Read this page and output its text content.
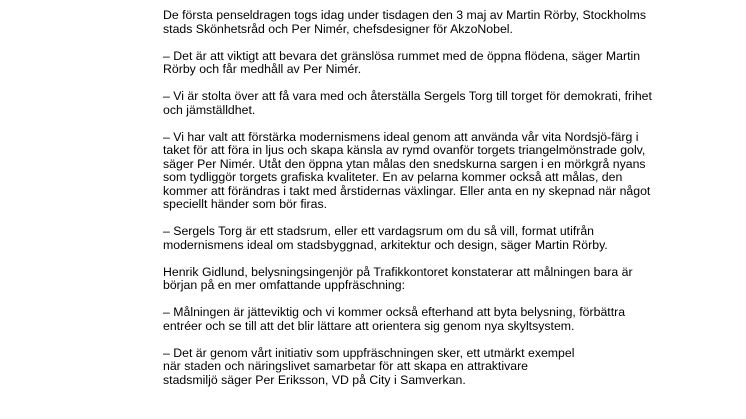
De första penseldragen togs idag under tisdagen den 3 maj av Martin Rörby, Stockholms
stads Skönhetsråd och Per Nimér, chefsdesigner för AkzoNobel.

– Det är att viktigt att bevara det gränslösa rummet med de öppna flödena, säger Martin
Rörby och får medhåll av Per Nimér.

– Vi är stolta över att få vara med och återställa Sergels Torg till torget för demokrati, frihet
och jämställdhet.

– Vi har valt att förstärka modernismens ideal genom att använda vår vita Nordsjö-färg i
taket för att föra in ljus och skapa känsla av rymd ovanför torgets triangelmönstrade golv,
säger Per Nimér. Utåt den öppna ytan målas den snedskurna sargen i en mörkgrå nyans
som tydliggör torgets grafiska kvaliteter. En av pelarna kommer också att målas, den
kommer att förändras i takt med årstidernas växlingar. Eller anta en ny skepnad när något
speciellt händer som bör firas.

– Sergels Torg är ett stadsrum, eller ett vardagsrum om du så vill, format utifrån
modernismens ideal om stadsbyggnad, arkitektur och design, säger Martin Rörby.

Henrik Gidlund, belysningsingenjör på Trafikkontoret konstaterar att målningen bara är
början på en mer omfattande uppfräschning:

– Målningen är jätteviktig och vi kommer också efterhand att byta belysning, förbättra
entréer och se till att det blir lättare att orientera sig genom nya skyltsystem.

– Det är genom vårt initiativ som uppfräschningen sker, ett utmärkt exempel
när staden och näringslivet samarbetar för att skapa en attraktivare
stadsmiljö säger Per Eriksson, VD på City i Samverkan.
